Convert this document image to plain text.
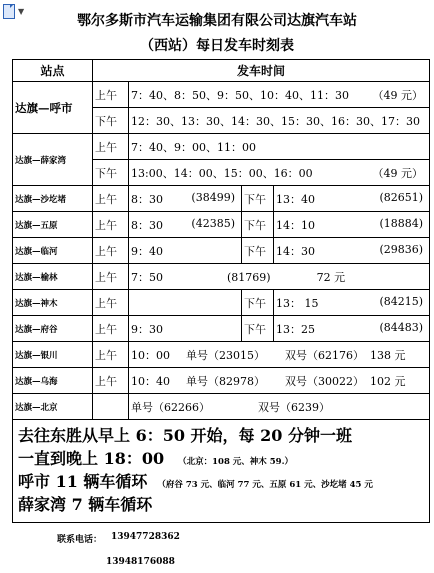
▼
鄂尔多斯市汽车运输集团有限公司达旗汽车站
（西站）每日发车时刻表
站点	发车时间			
达旗—呼市	上午	7：40、8：50、9：50、10：40、11：30 （49 元）		

	下午	12：30、13：30、14：30、15：30、16：30、17：30		
达旗—薛家湾	上午	7：40、9：00、11：00		
	下午	13:00、14：00、15：00、16：00 （49 元）		

达旗—沙圪堵	上午	8：30 (38499)	下午	13：40 (82651)

达旗—五原	上午	8：30 (42385)	下午	14：10 (18884)

达旗—临河	上午	9：40	下午	14：30 (29836)

达旗—榆林	上午	7：50 (81769) 72 元		
达旗—神木	上午		下午	13： 15 (84215)

达旗—府谷	上午	9：30	下午	13：25 (84483)

达旗—银川	上午	10：00 单号（23015） 双号（62176） 138 元		
达旗—乌海	上午	10：40 单号（82978） 双号（30022） 102 元		
达旗—北京		单号（62266） 双号（6239）		

去往东胜从早上 6：50 开始，每 20 分钟一班
一直到晚上 18：00 （北京：108 元、神木 59.）
呼市 11 辆车循环 （府谷 73 元、临河 77 元、五原 61 元、沙圪堵 45 元
薛家湾 7 辆车循环				
联系电话： 13947728362
13948176088
